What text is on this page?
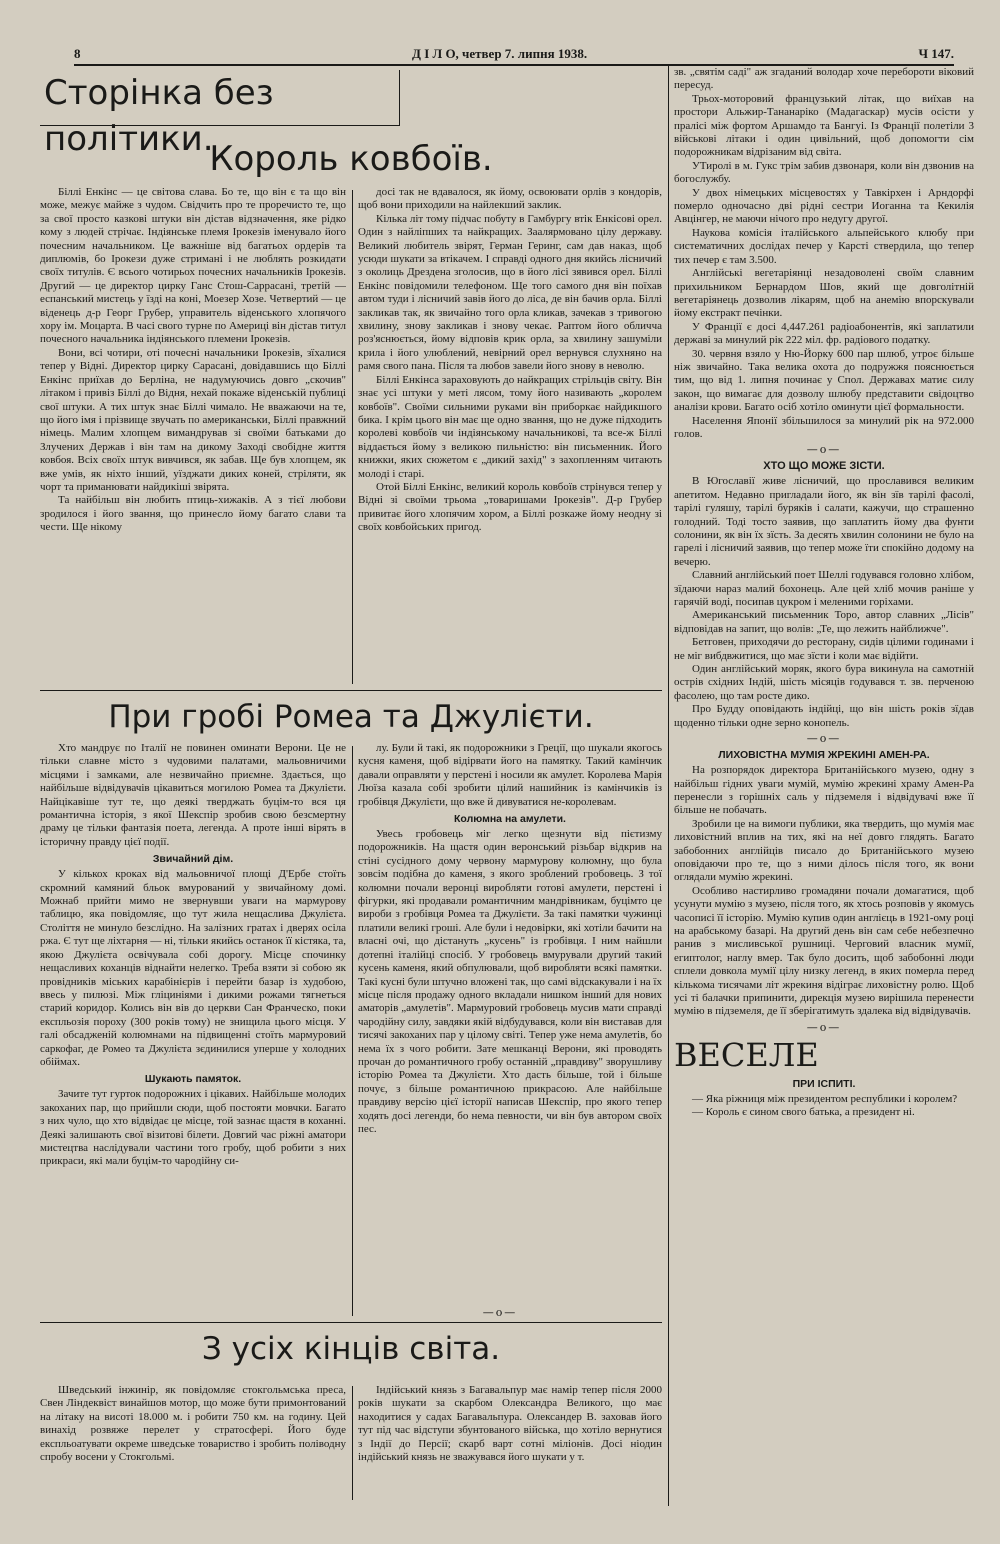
8	Д І Л О, четвер 7. липня 1938.	Ч 147.
Сторінка без політики.
Король ковбоїв.

Біллі Енкінс — це світова слава. Бо те, що він є та що він може, межує майже з чудом. Свідчить про те проречисто те, що за свої просто казкові штуки він дістав відзначення, яке рідко кому з людей стрічає. Індіянське племя Ірокезів іменувало його почесним начальником. Це важніше від багатьох ордерів та диплюмів, бо Ірокези дуже стримані і не люблять розкидати своїх титулів. Є всього чотирьох почесних начальників Ірокезів. Другий — це директор цирку Ганс Стош-Саррасані, третій — еспанський мистець у їзді на коні, Моезер Хозе. Четвертий — це віденець д-р Георг Грубер, управитель віденського хлопячого хору ім. Моцарта. В часі свого турне по Америці він дістав титул почесного начальника індіянського племени Ірокезів.

Вони, всі чотири, отi почесні начальники Ірокезів, зїхалися тепер у Відні. Директор цирку Сарасані, довідавшись що Біллі Енкінс приїхав до Берліна, не надумуючись довго „скочив" літаком і привіз Біллі до Відня, нехай покаже віденській публиці свої штуки. А тих штук знає Біллі чимало. Не вважаючи на те, що його імя і прізвище звучать по американськи, Біллі правжний німець. Малим хлопцем вимандрував зі своїми батьками до Злучених Держав і він там на дикому Заході свобідне життя ковбоя. Всіх своїх штук вивчився, як забав. Ще був хлопцем, як вже умів, як ніхто інший, уїзджати диких коней, стріляти, як чорт та приманювати найдикіші звірята.

Та найбільш він любить птиць-хижаків. А з тієї любови зродилося і його звання, що принесло йому багато слави та чести. Ще нікому

досі так не вдавалося, як йому, освоювати орлів з кондорів, щоб вони приходили на найлекший заклик.

Кілька літ тому підчас побуту в Гамбургу втік Енкісові орел. Один з найліпших та найкращих. Заалярмовано цілу державу. Великий любитель звірят, Герман Геринг, сам дав наказ, щоб усюди шукати за втікачем. І справді одного дня якийсь лісничий з околиць Дрездена зголосив, що в його лісі зявився орел. Біллі Енкінс повідомили телефоном. Ще того самого дня він поїхав автом туди і лісничий завів його до ліса, де він бачив орла. Біллі закликав так, як звичайно того орла кликав, зачекав з тривогою хвилину, знову закликав і знову чекає. Раптом його обличча роз'яснюється, йому відповів крик орла, за хвилину зашуміли крила і його улюблений, невірний орел вернувся слухняно на рамя свого пана. Після та любов завели його знову в неволю.

Біллі Енкінса зараховують до найкращих стрільців світу. Він знає усі штуки у меті лясом, тому його називають „королем ковбоїв". Своїми сильними руками він приборкає найдикшого бика. І крім цього він має ще одно звання, що не дуже підходить королеві ковбоїв чи індіянському начальникові, та все-ж Біллі віддається йому з великою пильністю: він письменник. Його книжки, яких сюжетом є „дикий захід" з захопленням читають молоді і старі.

Отой Біллі Енкінс, великий король ковбоїв стрінувся тепер у Відні зі своїми трьома „товаришами Ірокезів". Д-р Грубер привитає його хлопячим хором, а Біллі розкаже йому неодну зі своїх ковбойських пригод.

При гробі Ромеа та Джулієти.

Хто мандрує по Італії не повинен оминати Верони. Це не тільки славне місто з чудовими палатами, мальовничими місцями і замками, але незвичайно приємне. Здається, що найбільше відвідувачів цікавиться могилою Ромеа та Джулієти. Найцікавіше тут те, що деякі тверджать буцім-то вся ця романтична історія, з якої Шекспір зробив свою безсмертну драму це тільки фантазія поета, легенда. А проте інші вірять в історичну правду цієї події.

Звичайний дім.

У кількох кроках від мальовничої площі Д'Ербе стоїть скромний камяний бльок вмурований у звичайному домі. Можнаб прийти мимо не звернувши уваги на мармурову таблицю, яка повідомляє, що тут жила нещаслива Джулієта. Століття не минуло безслідно. На залізних гратах і дверях осіла ржа. Є тут ще ліхтарня — ні, тільки якийсь останок її кістяка, та, якою Джулієта освічувала собі дорогу. Місце спочинку нещасливих коханців віднайти нелегко. Треба взяти зі собою як провідників міських карабінієрів і перейти базар із худобою, ввесь у пилюзі. Між гліциніями і дикими рожами тягнеться старий коридор. Колись він вів до церкви Сан Франческо, поки експльозія пороху (300 років тому) не знищила цього місця. У галі обсадженій колюмнами на підвищенні стоїть мармуровий саркофаг, де Ромео та Джулієта зєдинилися уперше у холодних обіймах.

Шукають памяток.

Зачите тут гурток подорожних і цікавих. Найбільше молодих закоханих пар, що прийшли сюди, щоб постояти мовчки. Багато з них чуло, що хто відвідає це місце, той зазнає щастя в коханні. Деякі залишають свої візитові білети. Довгий час ріжні аматори мистецтва наслідували частини того гробу, щоб робити з них прикраси, які мали буцім-то чародійну си-

лу. Були й такі, як подорожники з Греції, що шукали якогось кусня каменя, щоб відірвати його на памятку. Такий камінчик давали оправляти у перстені і носили як амулет. Королева Марія Люїза казала собі зробити цілий нашийник із камінчиків із гробівця Джулієти, що вже й дивуватися не-королевам.

Колюмна на амулети.

Увесь гробовець міг легко щезнути від пієтизму подорожників. На щастя один веронський різьбар відкрив на стіні сусідного дому червону мармурову колюмну, що була зовсім подібна до каменя, з якого зроблений гробовець. З тої колюмни почали веронці виробляти готові амулети, перстені і фігурки, які продавали романтичним мандрівникам, буцімто це вироби з гробівця Ромеа та Джулієти. За такі памятки чужинці платили великі гроші. Але були і недовірки, які хотіли бачити на власні очі, що дістануть „кусень" із гробівця. І ним найшли дотепні італійці спосіб. У гробовець вмурували другий такий кусень каменя, який обпулювали, щоб виробляти всякі памятки. Такі кусні були штучно вложені так, що самі відскакували і на їх місце після продажу одного вкладали нишком інший для нових аматорів „амулетів". Мармуровий гробовець мусив мати справді чародійну силу, завдяки якій відбудувався, коли він виставав для тисячі закоханих пар у цілому світі. Тепер уже нема амулетів, бо нема їх з чого робити. Зате мешканці Верони, які проводять прочан до романтичного гробу останній „правдиву" зворушливу історію Ромеа та Джулієти. Хто дасть більше, той і більше почує, з більше романтичною прикрасою. Але найбільше правдиву версію цієї історії написав Шекспір, про якого тепер ходять досі легенди, бо нема певности, чи він був автором своїх пес.

—о—
З усіх кінців світа.

Шведський інжинір, як повідомляє стокгольмська преса, Свен Ліндеквіст винайшов мотор, що може бути примонтований на літаку на висоті 18.000 м. і робити 750 км. на годину. Цей винахід розвяже перелет у стратосфері. Його буде експльоатувати окреме шведське товариство і зробить поліводну спробу восени у Стокгольмі.

Індійський князь з Багавальпур має намір тепер після 2000 років шукати за скарбом Олександра Великого, що має находитися у садах Багавальпура. Олександер В. заховав його тут під час відступи збунтованого війська, що хотіло вернутися з Індії до Персії; скарб варт сотні міліонів. Досі ніодин індійський князь не зважувався його шукати у т.

зв. „святім саді" аж згаданий володар хоче перебороти віковий пересуд.

Трьох-моторовий французький літак, що виїхав на простори Альжир-Тананаріко (Мадагаскар) мусів осісти у пралісі між фортом Аршамдо та Бангуі. Із Франції полетіли 3 військові літаки і один цивільний, щоб допомогти сім подорожникам відрізаним від світа.

УТиролі в м. Гукс трім забив дзвонаря, коли він дзвонив на богослужбу.

У двох німецьких місцевостях у Тавкірхен і Арндорфі померло одночасно дві рідні сестри Иоганна та Кекилія Авцінгер, не маючи нічого про недугу другої.

Наукова комісія італійського альпейського клюбу при систематичних дослідах печер у Карсті ствердила, що тепер тих печер є там 3.500.

Англійські вегетаріянці незадоволені своїм славним прихильником Бернардом Шов, який ще довголітній вегетаріянець дозволив лікарям, щоб на анемію впорскували йому екстракт печінки.

У Франції є досі 4,447.261 радіоабонентів, які заплатили державі за минулий рік 222 міл. фр. радіового податку.

30. червня взяло у Ню-Йорку 600 пар шлюб, утроє більше ніж звичайно. Така велика охота до подружжя пояснюється тим, що від 1. липня починає у Спол. Державах матиє силу закон, що вимагає для дозволу шлюбу представити свідоцтво аналізи крови. Багато осіб хотіло оминути цієї формальности.

Населення Японії збільшилося за минулий рік на 972.000 голов.

—о—
ХТО ЩО МОЖЕ ЗІСТИ.

В Югославії живе лісничий, що прославився великим апетитом. Недавно пригладали його, як він зїв тарілі фасолі, тарілі гуляшу, тарілі буряків і салати, кажучи, що страшенно голодний. Тоді тоcто заявив, що заплатить йому два фунти солонини, як він їх зїсть. За десять хвилин солонини не було на гарелі і лісничий заявив, що тепер може їти спокійно додому на вечерю.

Славний англійський поет Шеллі годувався головно хлібом, зїдаючи нараз малий бохонець. Але цей хліб мочив раніше у гарячій воді, посипав цукром і меленими горіхами.

Американський письменник Торо, автор славних „Лісів" відповідав на запит, що волів: „Те, що лежить найближче".

Бетговен, приходячи до ресторану, сидів цілими годинами і не міг вибдвжитися, що має зїсти і коли має відійти.

Один англійський моряк, якого бура викинула на самотній острів східних Індій, шість місяців годувався т. зв. перченою фасолею, що там росте дико.

Про Будду оповідають індійці, що він шість років зїдав щоденно тільки одне зерно конопель.

—о—
ЛИХОВІСТНА МУМІЯ ЖРЕКИНІ АМЕН-РА.

На розпорядок директора Британійського музею, одну з найбільш гідних уваги мумій, мумію жрекині храму Амен-Ра перенесли з горішніх саль у підземеля і відвідувачі вже її більше не побачать.

Зробили це на вимоги публики, яка твердить, що мумія має лиховістний вплив на тих, які на неї довго глядять. Багато забобонних англійців писало до Британійського музею оповідаючи про те, що з ними ділось після того, як вони оглядали мумію жрекині.

Особливо настирливо громадяни почали домагатися, щоб усунути мумію з музею, після того, як хтось розповів у якомусь часописі її історію. Мумію купив один англієць в 1921-ому році на арабському базарі. На другий день він сам себе небезпечно ранив з мисливської рушниці. Черговий власник мумії, египтолог, наглу вмер. Так було досить, щоб забобонні люди сплели довкола мумії цілу низку легенд, в яких померла перед кількома тисячами літ жрекиня відіграє лиховістну ролю. Щоб усі ті балачки припинити, дирекція музею вирішила перенести мумію в підземеля, де її зберігатимуть здалека від відвідувачів.

—о—
ВЕСЕЛЕ
ПРИ ІСПИТІ.

— Яка ріжниця між президентом республики і королем?

— Король є сином свого батька, а президент ні.
